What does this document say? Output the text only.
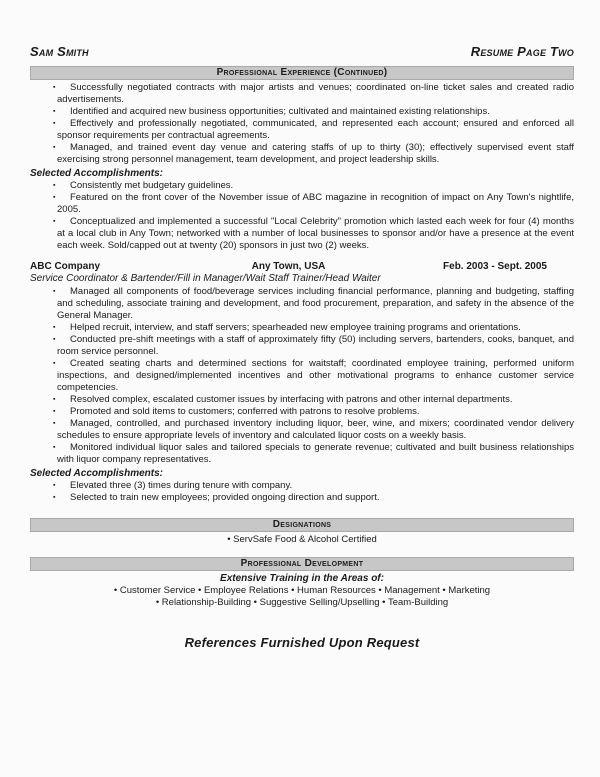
Sam Smith	Resume Page Two
Professional Experience (Continued)
▪ Successfully negotiated contracts with major artists and venues; coordinated on-line ticket sales and created radio advertisements.
▪ Identified and acquired new business opportunities; cultivated and maintained existing relationships.
▪ Effectively and professionally negotiated, communicated, and represented each account; ensured and enforced all sponsor requirements per contractual agreements.
▪ Managed, and trained event day venue and catering staffs of up to thirty (30); effectively supervised event staff exercising strong personnel management, team development, and project leadership skills.
Selected Accomplishments:
▪ Consistently met budgetary guidelines.
▪ Featured on the front cover of the November issue of ABC magazine in recognition of impact on Any Town's nightlife, 2005.
▪ Conceptualized and implemented a successful "Local Celebrity" promotion which lasted each week for four (4) months at a local club in Any Town; networked with a number of local businesses to sponsor and/or have a presence at the event each week. Sold/capped out at twenty (20) sponsors in just two (2) weeks.
ABC Company	Any Town, USA	Feb. 2003 - Sept. 2005
Service Coordinator & Bartender/Fill in Manager/Wait Staff Trainer/Head Waiter
▪ Managed all components of food/beverage services including financial performance, planning and budgeting, staffing and scheduling, associate training and development, and food procurement, preparation, and safety in the absence of the General Manager.
▪ Helped recruit, interview, and staff servers; spearheaded new employee training programs and orientations.
▪ Conducted pre-shift meetings with a staff of approximately fifty (50) including servers, bartenders, cooks, banquet, and room service personnel.
▪ Created seating charts and determined sections for waitstaff; coordinated employee training, performed uniform inspections, and designed/implemented incentives and other motivational programs to enhance customer service competencies.
▪ Resolved complex, escalated customer issues by interfacing with patrons and other internal departments.
▪ Promoted and sold items to customers; conferred with patrons to resolve problems.
▪ Managed, controlled, and purchased inventory including liquor, beer, wine, and mixers; coordinated vendor delivery schedules to ensure appropriate levels of inventory and calculated liquor costs on a weekly basis.
▪ Monitored individual liquor sales and tailored specials to generate revenue; cultivated and built business relationships with liquor company representatives.
Selected Accomplishments:
▪ Elevated three (3) times during tenure with company.
▪ Selected to train new employees; provided ongoing direction and support.
Designations
• ServSafe Food & Alcohol Certified
Professional Development
Extensive Training in the Areas of:
• Customer Service • Employee Relations • Human Resources • Management • Marketing
• Relationship-Building • Suggestive Selling/Upselling • Team-Building
References Furnished Upon Request
